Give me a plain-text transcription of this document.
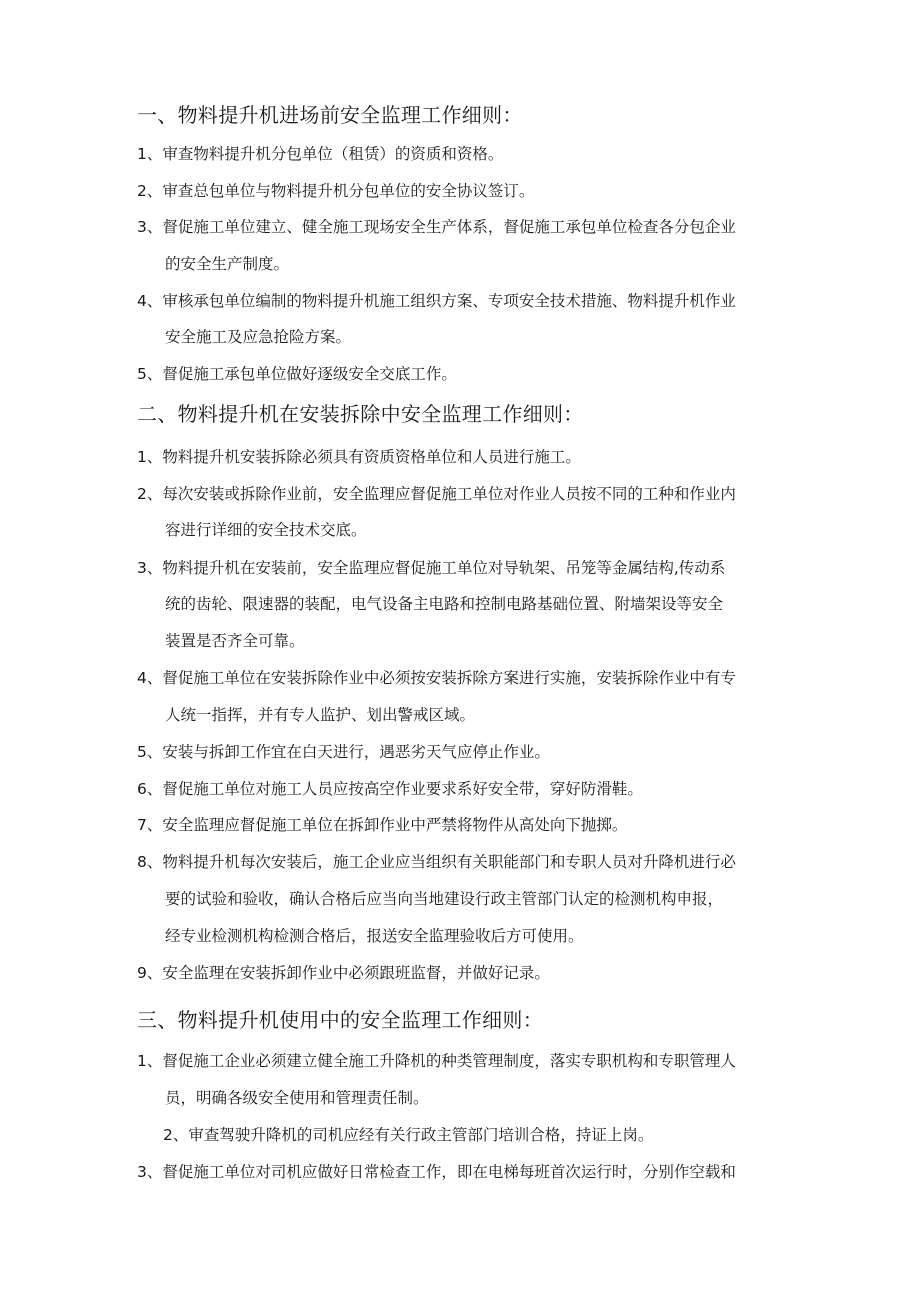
一、物料提升机进场前安全监理工作细则：
1、审查物料提升机分包单位（租赁）的资质和资格。
2、审查总包单位与物料提升机分包单位的安全协议签订。
3、督促施工单位建立、健全施工现场安全生产体系，督促施工承包单位检查各分包企业
的安全生产制度。
4、审核承包单位编制的物料提升机施工组织方案、专项安全技术措施、物料提升机作业
安全施工及应急抢险方案。
5、督促施工承包单位做好逐级安全交底工作。
二、物料提升机在安装拆除中安全监理工作细则：
1、物料提升机安装拆除必须具有资质资格单位和人员进行施工。
2、每次安装或拆除作业前，安全监理应督促施工单位对作业人员按不同的工种和作业内
容进行详细的安全技术交底。
3、物料提升机在安装前，安全监理应督促施工单位对导轨架、吊笼等金属结构,传动系
统的齿轮、限速器的装配，电气设备主电路和控制电路基础位置、附墙架设等安全
装置是否齐全可靠。
4、督促施工单位在安装拆除作业中必须按安装拆除方案进行实施，安装拆除作业中有专
人统一指挥，并有专人监护、划出警戒区域。
5、安装与拆卸工作宜在白天进行，遇恶劣天气应停止作业。
6、督促施工单位对施工人员应按高空作业要求系好安全带，穿好防滑鞋。
7、安全监理应督促施工单位在拆卸作业中严禁将物件从高处向下抛掷。
8、物料提升机每次安装后，施工企业应当组织有关职能部门和专职人员对升降机进行必
要的试验和验收，确认合格后应当向当地建设行政主管部门认定的检测机构申报，
经专业检测机构检测合格后，报送安全监理验收后方可使用。
9、安全监理在安装拆卸作业中必须跟班监督，并做好记录。
三、物料提升机使用中的安全监理工作细则：
1、督促施工企业必须建立健全施工升降机的种类管理制度，落实专职机构和专职管理人
员，明确各级安全使用和管理责任制。
2、审查驾驶升降机的司机应经有关行政主管部门培训合格，持证上岗。
3、督促施工单位对司机应做好日常检查工作，即在电梯每班首次运行时，分别作空载和
